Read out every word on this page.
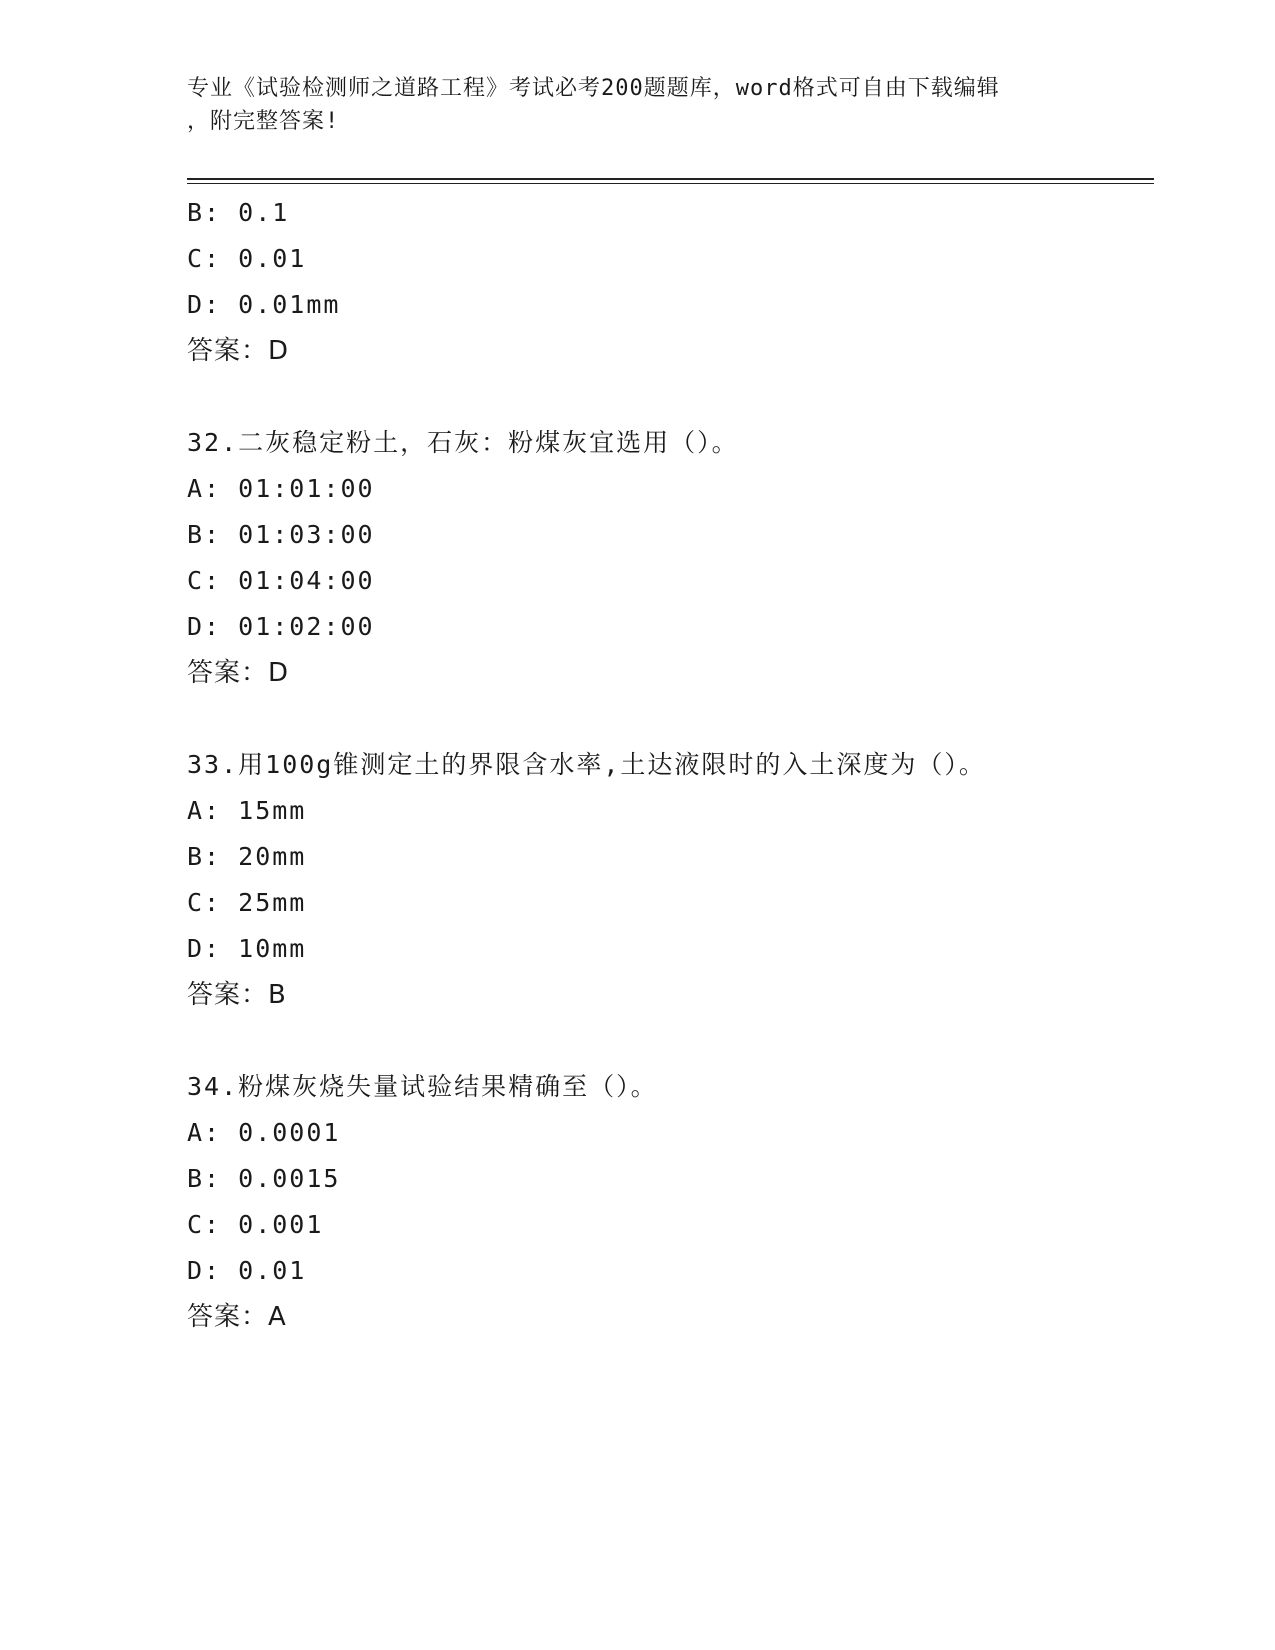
专业《试验检测师之道路工程》考试必考200题题库，word格式可自由下载编辑
，附完整答案!
B: 0.1
C: 0.01
D: 0.01mm
答案：D
32.二灰稳定粉土，石灰：粉煤灰宜选用（）。
A: 01:01:00
B: 01:03:00
C: 01:04:00
D: 01:02:00
答案：D
33.用100g锥测定土的界限含水率,土达液限时的入土深度为（）。
A: 15mm
B: 20mm
C: 25mm
D: 10mm
答案：B
34.粉煤灰烧失量试验结果精确至（）。
A: 0.0001
B: 0.0015
C: 0.001
D: 0.01
答案：A
